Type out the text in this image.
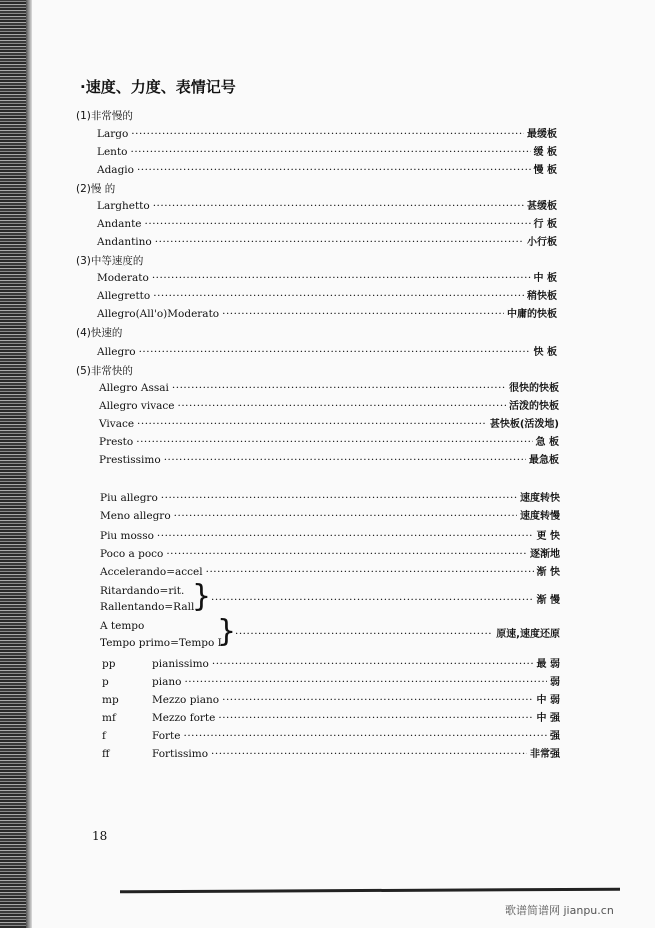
·速度、力度、表情记号
(1)非常慢的
Largo
·····	最缓板
Lento
·····	缓 板
Adagio
·····	慢 板
(2)慢 的
Larghetto
·····	甚缓板
Andante
·····	行 板
Andantino
·····	小行板
(3)中等速度的
Moderato
·····	中 板
Allegretto
·····	稍快板
Allegro(All'o)Moderato
·····	中庸的快板
(4)快速的
Allegro
·····	快 板
(5)非常快的
Allegro Assai
·····	很快的快板
Allegro vivace
·····	活泼的快板
Vivace
·····	甚快板(活泼地)
Presto
·····	急 板
Prestissimo
·····	最急板
Piu allegro
·····	速度转快
Meno allegro
·····	速度转慢
Piu mosso
·····	更 快
Poco a poco
·····	逐渐地
Accelerando=accel
·····	渐 快
Ritardando=rit.
Rallentando=Rall.
}
·····	渐 慢
A tempo
Tempo primo=Tempo I
}
·····	原速,速度还原
pp	pianissimo
·····	最 弱
p	piano
·····	弱
mp	Mezzo piano
·····	中 弱
mf	Mezzo forte
·····	中 强
f	Forte
·····	强
ff	Fortissimo
·····	非常强
18
歌谱简谱网 jianpu.cn
